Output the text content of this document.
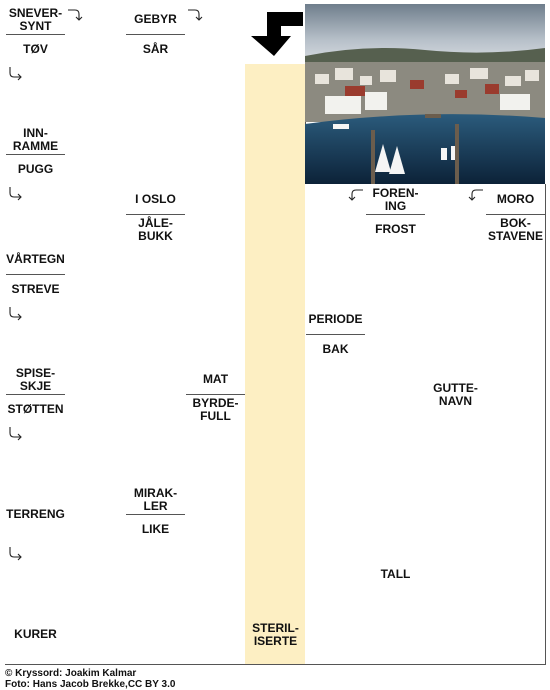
SNEVER-
SYNT
TØV
GEBYR
SÅR
INN-
RAMME
PUGG
I OSLO
JÅLE-
BUKK
FOREN-
ING
FROST
MORO
BOK-
STAVENE
VÅRTEGN
STREVE
PERIODE
BAK
SPISE-
SKJE
STØTTEN
MAT
BYRDE-
FULL
GUTTE-
NAVN
TERRENG
MIRAK-
LER
LIKE
TALL
KURER	STERIL-
ISERTE
© Kryssord: Joakim Kalmar
Foto: Hans Jacob Brekke,CC BY 3.0
